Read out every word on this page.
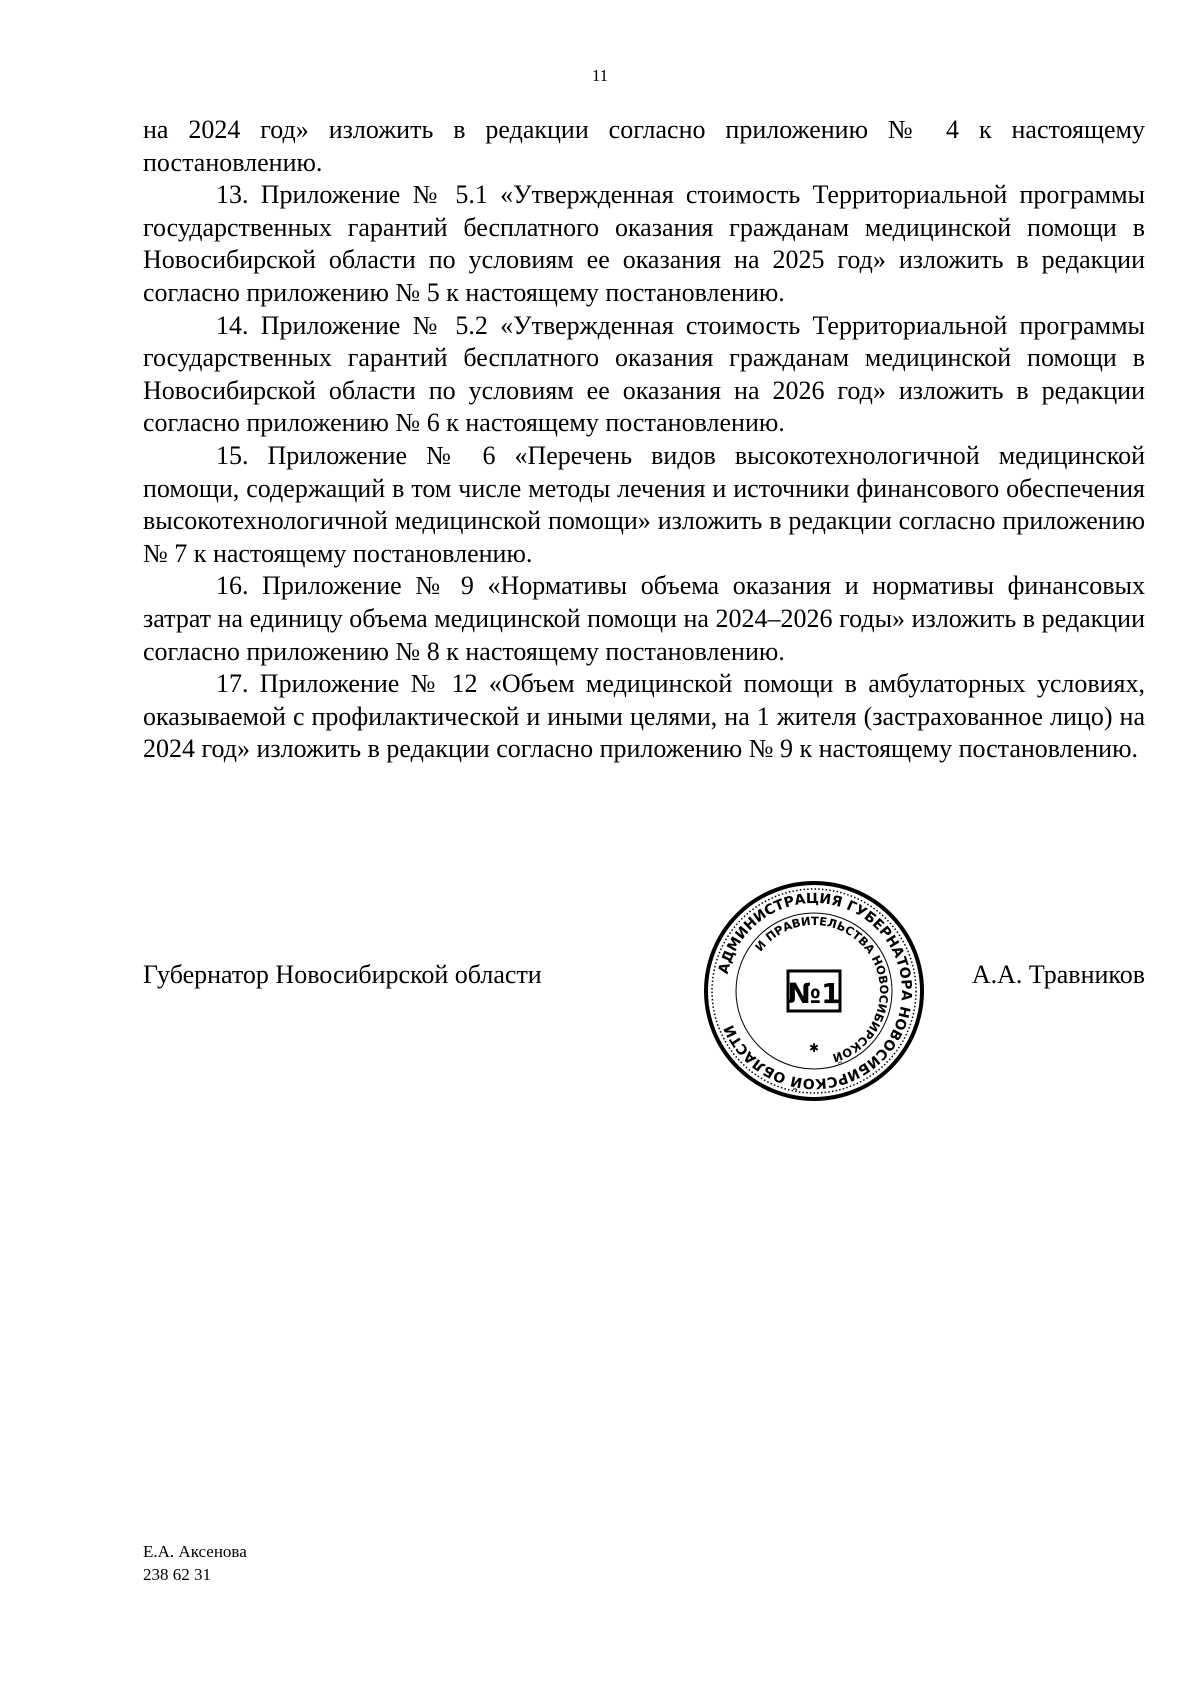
11

на 2024 год» изложить в редакции согласно приложению № 4 к настоящему постановлению.

13. Приложение № 5.1 «Утвержденная стоимость Территориальной программы государственных гарантий бесплатного оказания гражданам медицинской помощи в Новосибирской области по условиям ее оказания на 2025 год» изложить в редакции согласно приложению № 5 к настоящему постановлению.

14. Приложение № 5.2 «Утвержденная стоимость Территориальной программы государственных гарантий бесплатного оказания гражданам медицинской помощи в Новосибирской области по условиям ее оказания на 2026 год» изложить в редакции согласно приложению № 6 к настоящему постановлению.

15. Приложение № 6 «Перечень видов высокотехнологичной медицинской помощи, содержащий в том числе методы лечения и источники финансового обеспечения высокотехнологичной медицинской помощи» изложить в редакции согласно приложению № 7 к настоящему постановлению.

16. Приложение № 9 «Нормативы объема оказания и нормативы финансовых затрат на единицу объема медицинской помощи на 2024–2026 годы» изложить в редакции согласно приложению № 8 к настоящему постановлению.

17. Приложение № 12 «Объем медицинской помощи в амбулаторных условиях, оказываемой с профилактической и иными целями, на 1 жителя (застрахованное лицо) на 2024 год» изложить в редакции согласно приложению № 9 к настоящему постановлению.

Губернатор Новосибирской области	А.А. Травников
АДМИНИСТРАЦИЯ ГУБЕРНАТОРА НОВОСИБИРСКОЙ ОБЛАСТИ
И ПРАВИТЕЛЬСТВА НОВОСИБИРСКОЙ
№1
✱
Е.А. Аксенова
238 62 31
